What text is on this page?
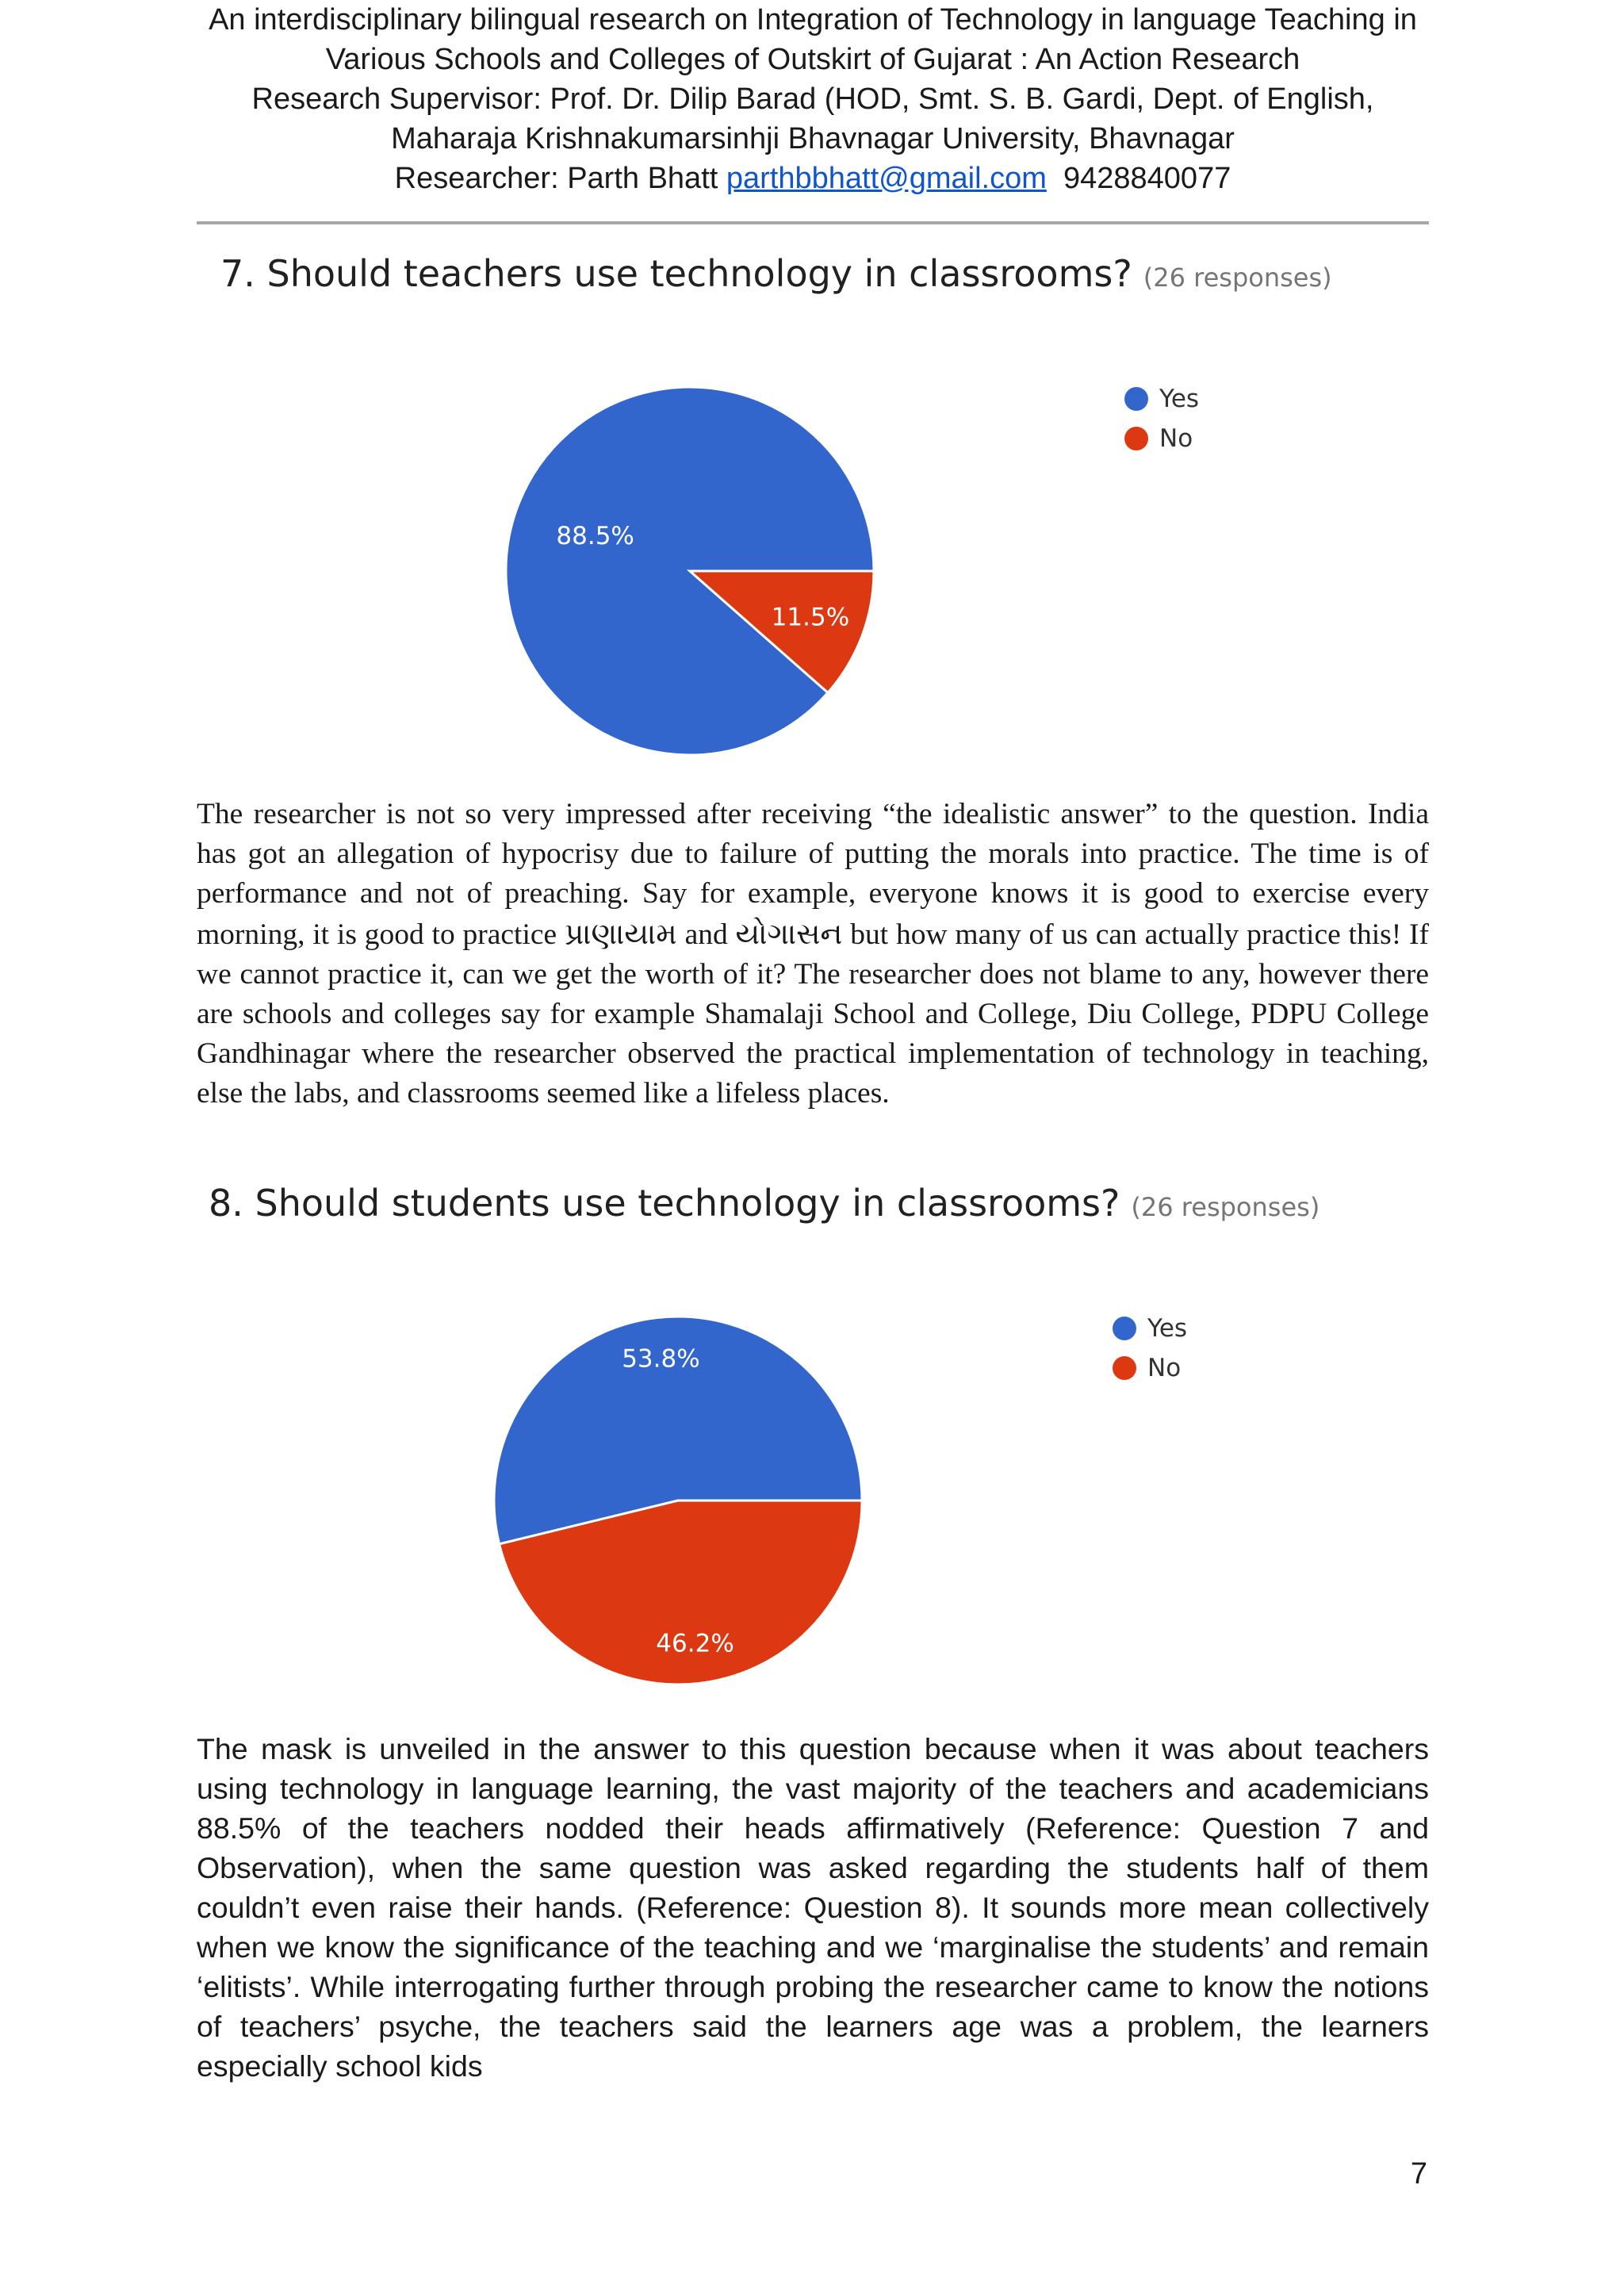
An interdisciplinary bilingual research on Integration of Technology in language Teaching in
Various Schools and Colleges of Outskirt of Gujarat : An Action Research
Research Supervisor: Prof. Dr. Dilip Barad (HOD, Smt. S. B. Gardi, Dept. of English,
Maharaja Krishnakumarsinhji Bhavnagar University, Bhavnagar
Researcher: Parth Bhatt parthbbhatt@gmail.com 9428840077
7. Should teachers use technology in classrooms? (26 responses)
88.5%
11.5%
Yes
No
The researcher is not so very impressed after receiving “the idealistic answer” to the question. India has got an allegation of hypocrisy due to failure of putting the morals into practice. The time is of performance and not of preaching. Say for example, everyone knows it is good to exercise every morning, it is good to practice પ્રાણાયામ and યોગાસન but how many of us can actually practice this! If we cannot practice it, can we get the worth of it? The researcher does not blame to any, however there are schools and colleges say for example Shamalaji School and College, Diu College, PDPU College Gandhinagar where the researcher observed the practical implementation of technology in teaching, else the labs, and classrooms seemed like a lifeless places.
8. Should students use technology in classrooms? (26 responses)
53.8%
46.2%
Yes
No
The mask is unveiled in the answer to this question because when it was about teachers using technology in language learning, the vast majority of the teachers and academicians 88.5% of the teachers nodded their heads affirmatively (Reference: Question 7 and Observation), when the same question was asked regarding the students half of them couldn’t even raise their hands. (Reference: Question 8). It sounds more mean collectively when we know the significance of the teaching and we ‘marginalise the students’ and remain ‘elitists’. While interrogating further through probing the researcher came to know the notions of teachers’ psyche, the teachers said the learners age was a problem, the learners especially school kids
7
